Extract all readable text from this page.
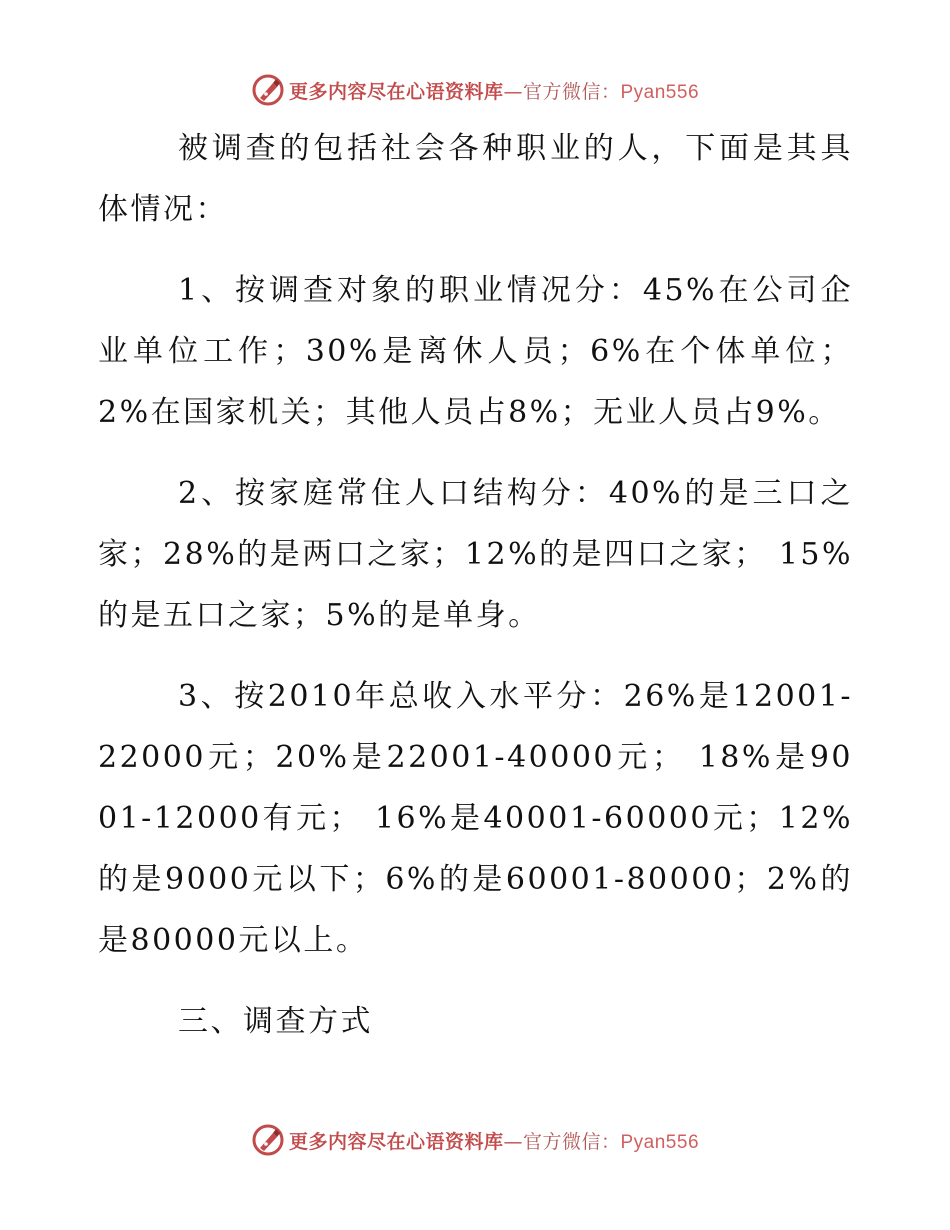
更多内容尽在心语资料库—官方微信：Pyan556

被调查的包括社会各种职业的人，下面是其具体情况：

1、按调查对象的职业情况分：45%在公司企业单位工作；30%是离休人员；6%在个体单位；2%在国家机关；其他人员占8%；无业人员占9%。

2、按家庭常住人口结构分：40%的是三口之家；28%的是两口之家；12%的是四口之家； 15%的是五口之家；5%的是单身。

3、按2010年总收入水平分：26%是12001-22000元；20%是22001-40000元； 18%是9001-12000有元； 16%是40001-60000元；12%的是9000元以下；6%的是60001-80000；2%的是80000元以上。

三、调查方式

更多内容尽在心语资料库—官方微信：Pyan556
